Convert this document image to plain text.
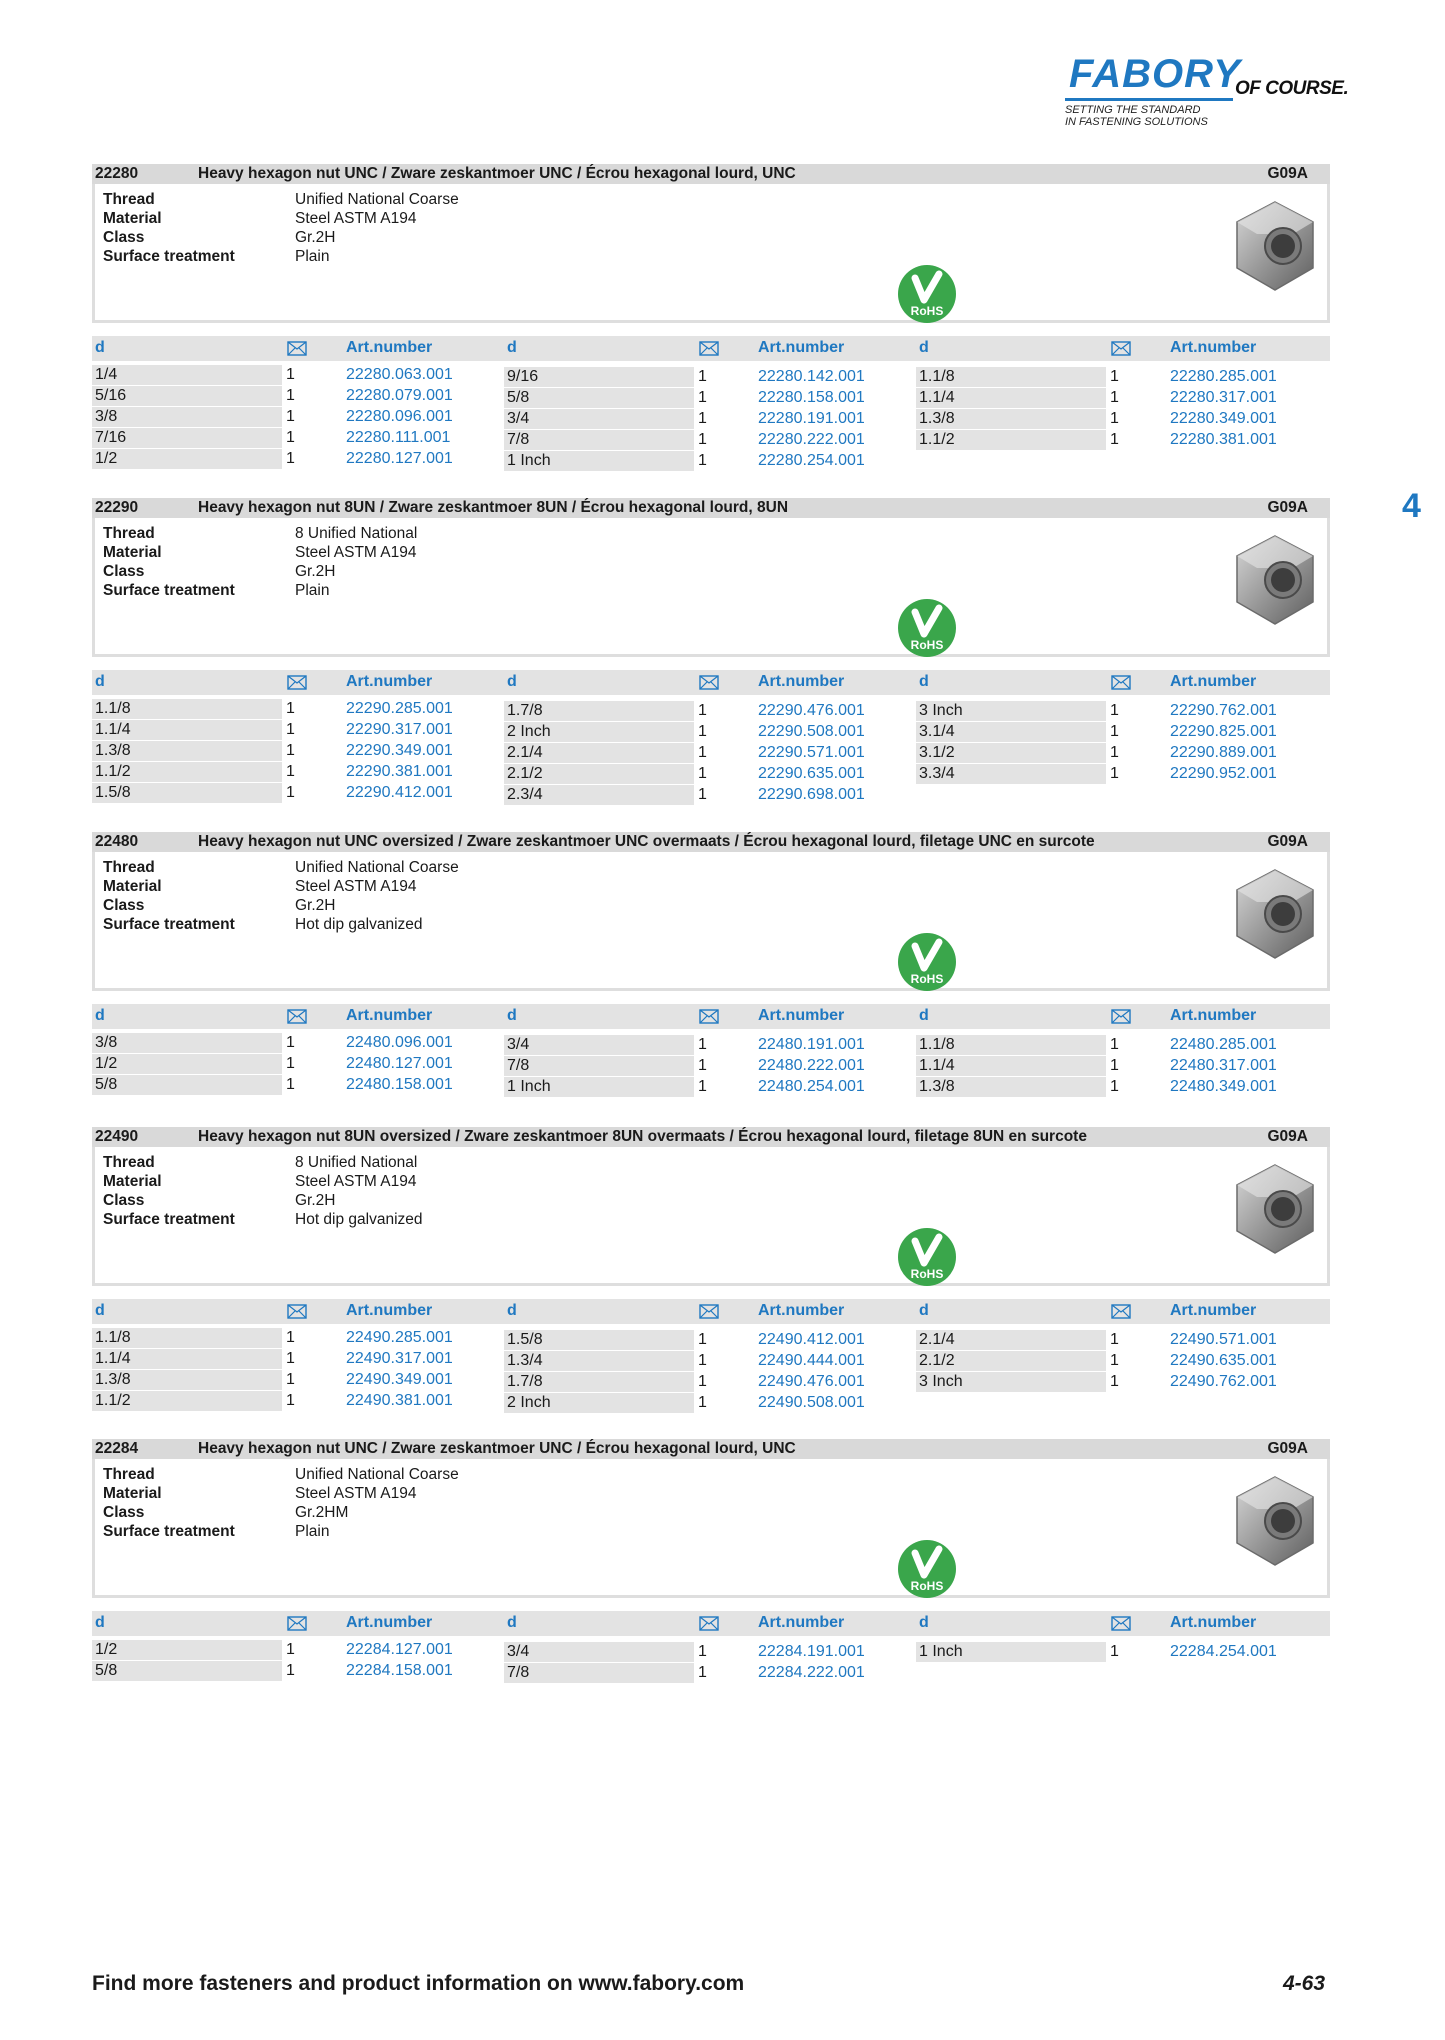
FABORY
OF COURSE.
SETTING THE STANDARD
IN FASTENING SOLUTIONS
4
22280	Heavy hexagon nut UNC / Zware zeskantmoer UNC / Écrou hexagonal lourd, UNC	G09A
Thread	Unified National Coarse
Material	Steel ASTM A194
Class	Gr.2H
Surface treatment	Plain
RoHS
d	Art.number	d	Art.number	d	Art.number
1/4	1	22280.063.001
5/16	1	22280.079.001
3/8	1	22280.096.001
7/16	1	22280.111.001
1/2	1	22280.127.001
9/16	1	22280.142.001
5/8	1	22280.158.001
3/4	1	22280.191.001
7/8	1	22280.222.001
1 Inch	1	22280.254.001
1.1/8	1	22280.285.001
1.1/4	1	22280.317.001
1.3/8	1	22280.349.001
1.1/2	1	22280.381.001
22290	Heavy hexagon nut 8UN / Zware zeskantmoer 8UN / Écrou hexagonal lourd, 8UN	G09A
Thread	8 Unified National
Material	Steel ASTM A194
Class	Gr.2H
Surface treatment	Plain
RoHS
d	Art.number	d	Art.number	d	Art.number
1.1/8	1	22290.285.001
1.1/4	1	22290.317.001
1.3/8	1	22290.349.001
1.1/2	1	22290.381.001
1.5/8	1	22290.412.001
1.7/8	1	22290.476.001
2 Inch	1	22290.508.001
2.1/4	1	22290.571.001
2.1/2	1	22290.635.001
2.3/4	1	22290.698.001
3 Inch	1	22290.762.001
3.1/4	1	22290.825.001
3.1/2	1	22290.889.001
3.3/4	1	22290.952.001
22480	Heavy hexagon nut UNC oversized / Zware zeskantmoer UNC overmaats / Écrou hexagonal lourd, filetage UNC en surcote	G09A
Thread	Unified National Coarse
Material	Steel ASTM A194
Class	Gr.2H
Surface treatment	Hot dip galvanized
RoHS
d	Art.number	d	Art.number	d	Art.number
3/8	1	22480.096.001
1/2	1	22480.127.001
5/8	1	22480.158.001
3/4	1	22480.191.001
7/8	1	22480.222.001
1 Inch	1	22480.254.001
1.1/8	1	22480.285.001
1.1/4	1	22480.317.001
1.3/8	1	22480.349.001
22490	Heavy hexagon nut 8UN oversized / Zware zeskantmoer 8UN overmaats / Écrou hexagonal lourd, filetage 8UN en surcote	G09A
Thread	8 Unified National
Material	Steel ASTM A194
Class	Gr.2H
Surface treatment	Hot dip galvanized
RoHS
d	Art.number	d	Art.number	d	Art.number
1.1/8	1	22490.285.001
1.1/4	1	22490.317.001
1.3/8	1	22490.349.001
1.1/2	1	22490.381.001
1.5/8	1	22490.412.001
1.3/4	1	22490.444.001
1.7/8	1	22490.476.001
2 Inch	1	22490.508.001
2.1/4	1	22490.571.001
2.1/2	1	22490.635.001
3 Inch	1	22490.762.001
22284	Heavy hexagon nut UNC / Zware zeskantmoer UNC / Écrou hexagonal lourd, UNC	G09A
Thread	Unified National Coarse
Material	Steel ASTM A194
Class	Gr.2HM
Surface treatment	Plain
RoHS
d	Art.number	d	Art.number	d	Art.number
1/2	1	22284.127.001
5/8	1	22284.158.001
3/4	1	22284.191.001
7/8	1	22284.222.001
1 Inch	1	22284.254.001
Find more fasteners and product information on www.fabory.com	4-63
